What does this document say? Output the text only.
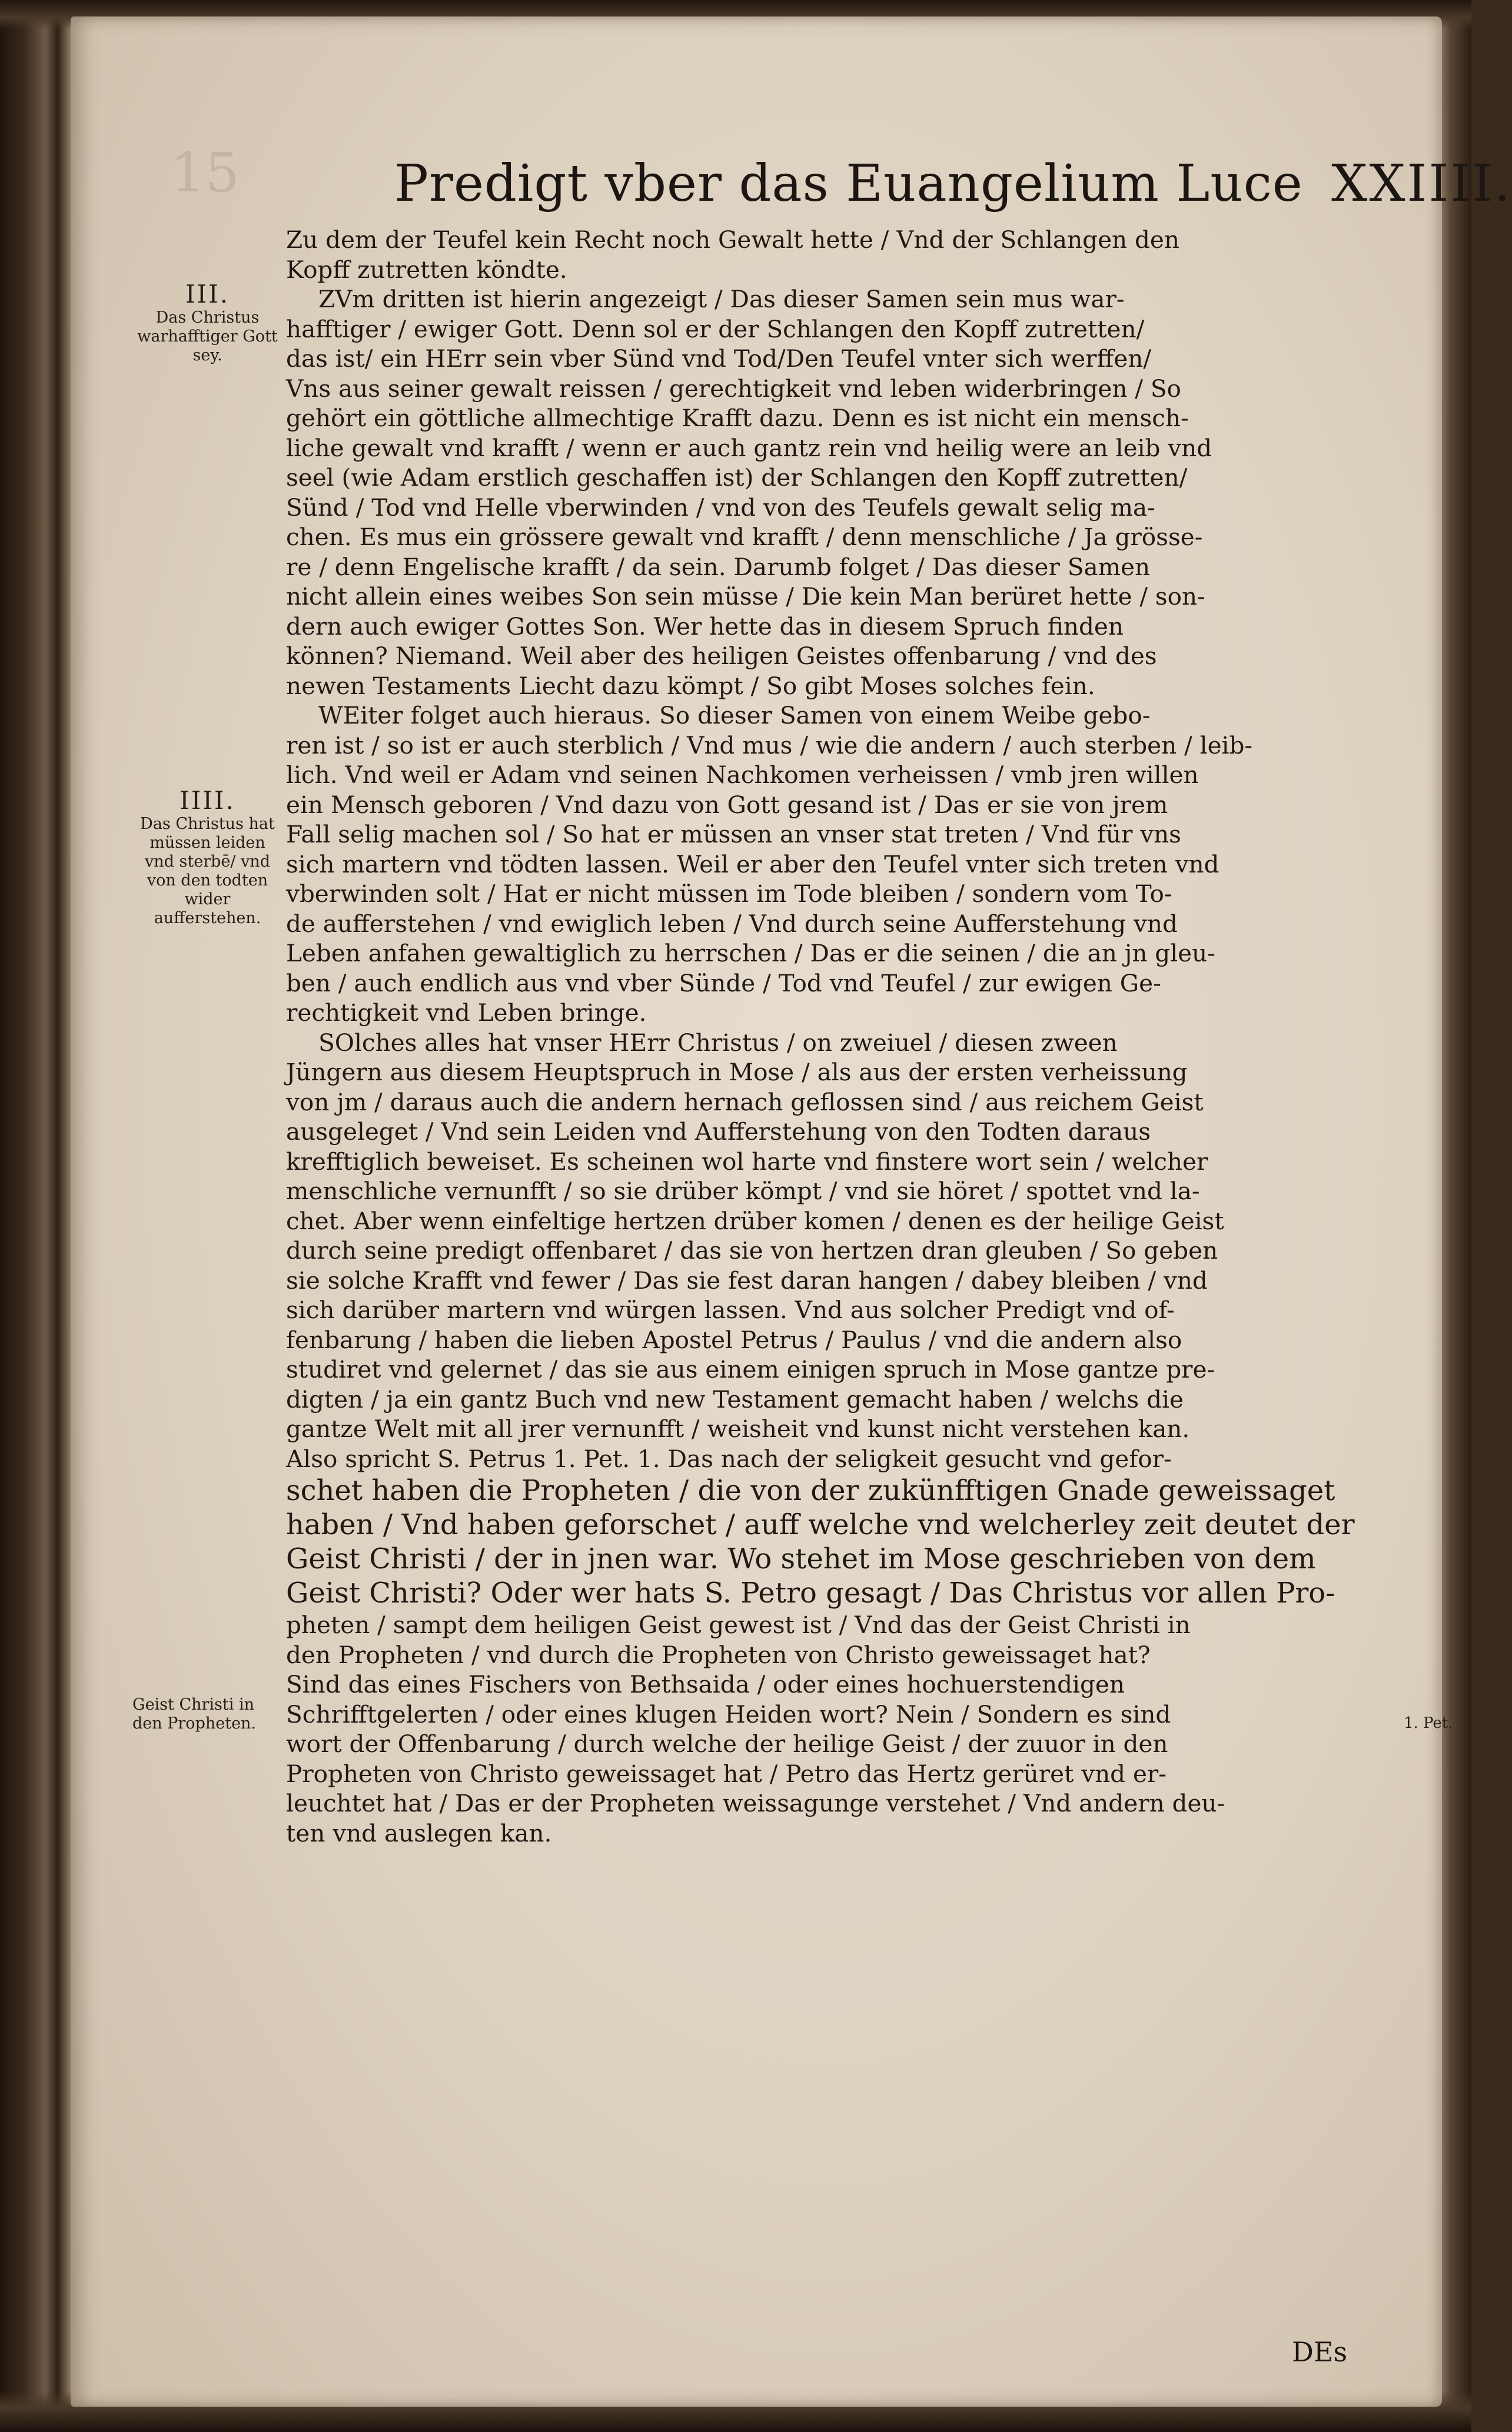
15	Predigt vber das Euangelium Luce XXIIII.
III.
Das Christus warhafftiger Gott sey.
IIII.
Das Christus hat müssen leiden vnd sterbē/ vnd von den todten wider aufferstehen.
Geist Christi in den Propheten.
Zu dem der Teufel kein Recht noch Gewalt hette / Vnd der Schlangen den
Kopff zutretten köndte.
ZVm dritten ist hierin angezeigt / Das dieser Samen sein mus war-
hafftiger / ewiger Gott. Denn sol er der Schlangen den Kopff zutretten/
das ist/ ein HErr sein vber Sünd vnd Tod/Den Teufel vnter sich werffen/
Vns aus seiner gewalt reissen / gerechtigkeit vnd leben widerbringen / So
gehört ein göttliche allmechtige Krafft dazu. Denn es ist nicht ein mensch-
liche gewalt vnd krafft / wenn er auch gantz rein vnd heilig were an leib vnd
seel (wie Adam erstlich geschaffen ist) der Schlangen den Kopff zutretten/
Sünd / Tod vnd Helle vberwinden / vnd von des Teufels gewalt selig ma-
chen. Es mus ein grössere gewalt vnd krafft / denn menschliche / Ja grösse-
re / denn Engelische krafft / da sein. Darumb folget / Das dieser Samen
nicht allein eines weibes Son sein müsse / Die kein Man berüret hette / son-
dern auch ewiger Gottes Son. Wer hette das in diesem Spruch finden
können? Niemand. Weil aber des heiligen Geistes offenbarung / vnd des
newen Testaments Liecht dazu kömpt / So gibt Moses solches fein.
WEiter folget auch hieraus. So dieser Samen von einem Weibe gebo-
ren ist / so ist er auch sterblich / Vnd mus / wie die andern / auch sterben / leib-
lich. Vnd weil er Adam vnd seinen Nachkomen verheissen / vmb jren willen
ein Mensch geboren / Vnd dazu von Gott gesand ist / Das er sie von jrem
Fall selig machen sol / So hat er müssen an vnser stat treten / Vnd für vns
sich martern vnd tödten lassen. Weil er aber den Teufel vnter sich treten vnd
vberwinden solt / Hat er nicht müssen im Tode bleiben / sondern vom To-
de aufferstehen / vnd ewiglich leben / Vnd durch seine Aufferstehung vnd
Leben anfahen gewaltiglich zu herrschen / Das er die seinen / die an jn gleu-
ben / auch endlich aus vnd vber Sünde / Tod vnd Teufel / zur ewigen Ge-
rechtigkeit vnd Leben bringe.
SOlches alles hat vnser HErr Christus / on zweiuel / diesen zween
Jüngern aus diesem Heuptspruch in Mose / als aus der ersten verheissung
von jm / daraus auch die andern hernach geflossen sind / aus reichem Geist
ausgeleget / Vnd sein Leiden vnd Aufferstehung von den Todten daraus
krefftiglich beweiset. Es scheinen wol harte vnd finstere wort sein / welcher
menschliche vernunfft / so sie drüber kömpt / vnd sie höret / spottet vnd la-
chet. Aber wenn einfeltige hertzen drüber komen / denen es der heilige Geist
durch seine predigt offenbaret / das sie von hertzen dran gleuben / So geben
sie solche Krafft vnd fewer / Das sie fest daran hangen / dabey bleiben / vnd
sich darüber martern vnd würgen lassen. Vnd aus solcher Predigt vnd of-
fenbarung / haben die lieben Apostel Petrus / Paulus / vnd die andern also
studiret vnd gelernet / das sie aus einem einigen spruch in Mose gantze pre-
digten / ja ein gantz Buch vnd new Testament gemacht haben / welchs die
gantze Welt mit all jrer vernunfft / weisheit vnd kunst nicht verstehen kan.
Also spricht S. Petrus 1. Pet. 1. Das nach der seligkeit gesucht vnd gefor-
schet haben die Propheten / die von der zukünfftigen Gnade geweissaget
haben / Vnd haben geforschet / auff welche vnd welcherley zeit deutet der
Geist Christi / der in jnen war. Wo stehet im Mose geschrieben von dem
Geist Christi? Oder wer hats S. Petro gesagt / Das Christus vor allen Pro-
pheten / sampt dem heiligen Geist gewest ist / Vnd das der Geist Christi in
den Propheten / vnd durch die Propheten von Christo geweissaget hat?
Sind das eines Fischers von Bethsaida / oder eines hochuerstendigen
Schrifftgelerten / oder eines klugen Heiden wort? Nein / Sondern es sind
wort der Offenbarung / durch welche der heilige Geist / der zuuor in den
Propheten von Christo geweissaget hat / Petro das Hertz gerüret vnd er-
leuchtet hat / Das er der Propheten weissagunge verstehet / Vnd andern deu-
ten vnd auslegen kan.
1. Pet.
DEs
